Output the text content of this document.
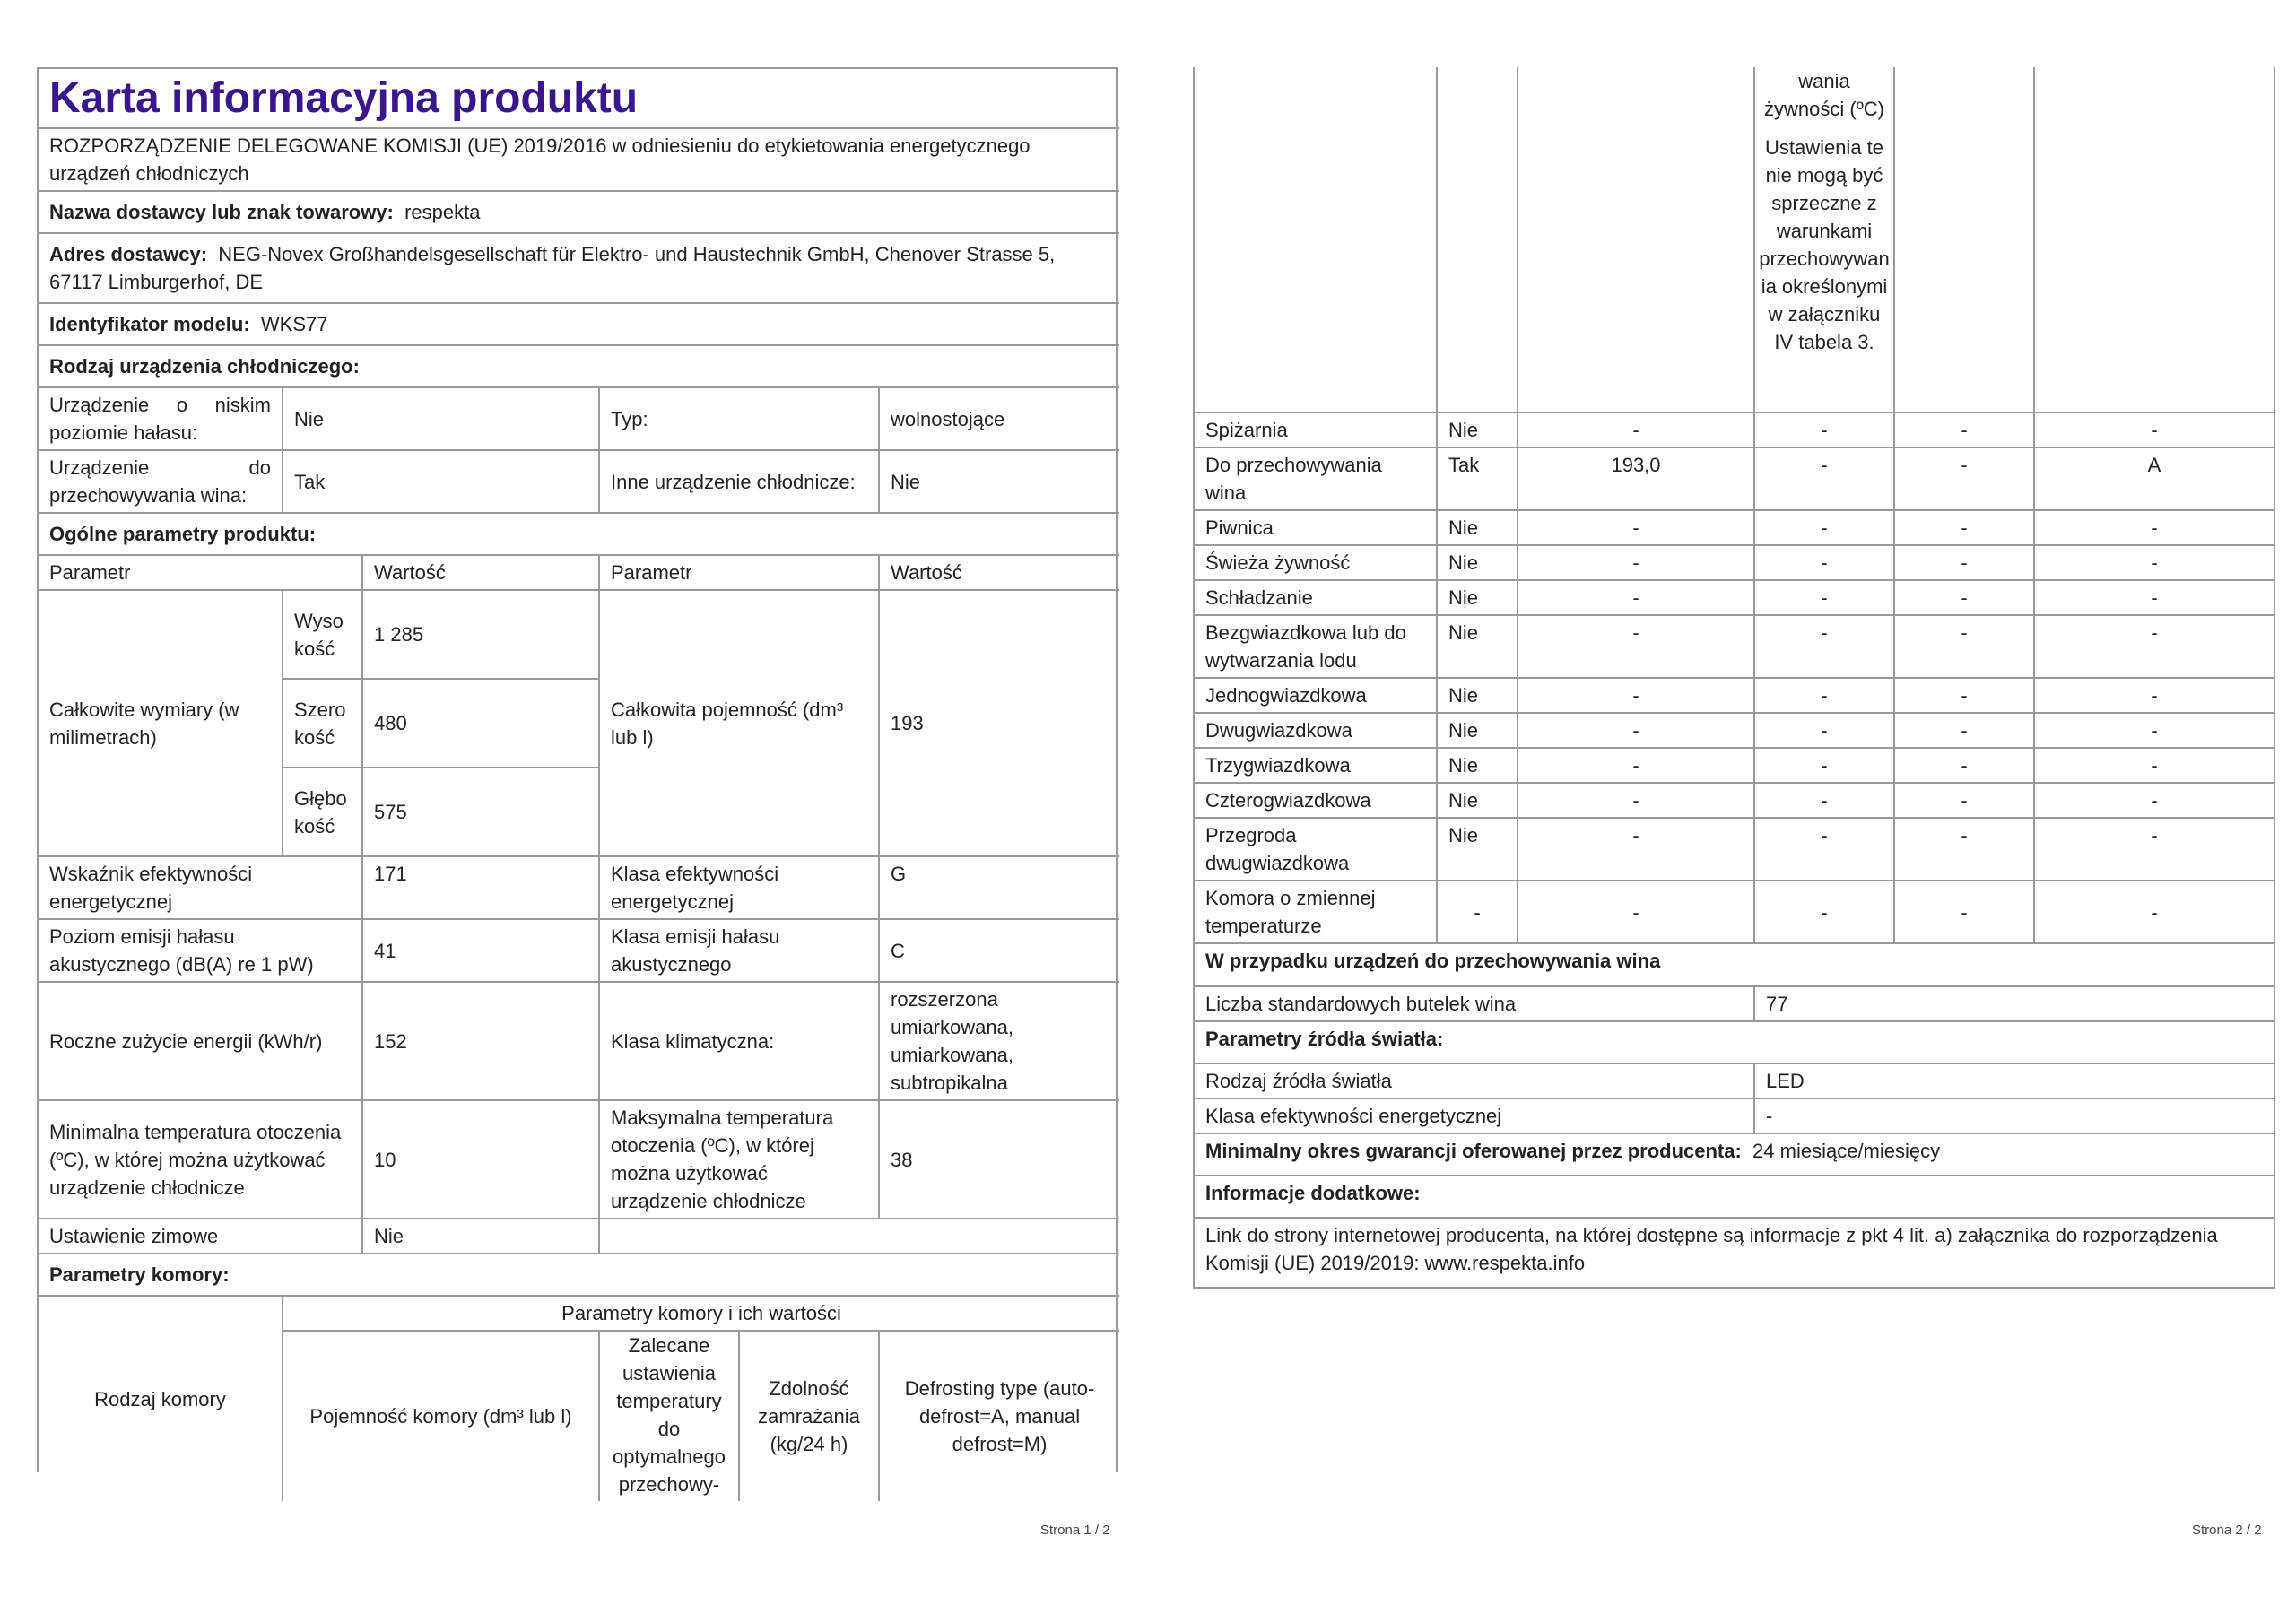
Karta informacyjna produktu					
ROZPORZĄDZENIE DELEGOWANE KOMISJI (UE) 2019/2016 w odniesieniu do etykietowania energetycznego urządzeń chłodniczych					
Nazwa dostawcy lub znak towarowy: respekta					
Adres dostawcy: NEG-Novex Großhandelsgesellschaft für Elektro- und Haustechnik GmbH, Chenover Strasse 5, 67117 Limburgerhof, DE					
Identyfikator modelu: WKS77					
Rodzaj urządzenia chłodniczego:					
Urządzenie o niskim poziomie hałasu:	Nie		Typ:		wolnostojące
Urządzenie do przechowywania wina:	Tak		Inne urządzenie chłodnicze:		Nie
Ogólne parametry produktu:					
Parametr		Wartość	Parametr		Wartość
Całkowite wymiary (w milimetrach)	Wysokość	1 285	Całkowita pojemność (dm³ lub l)		193
	Szerokość	480			
	Głębokość	575			
Wskaźnik efektywności energetycznej		171	Klasa efektywności energetycznej		G
Poziom emisji hałasu akustycznego (dB(A) re 1 pW)		41	Klasa emisji hałasu akustycznego		C
Roczne zużycie energii (kWh/r)		152	Klasa klimatyczna:		rozszerzona umiarkowana, umiarkowana, subtropikalna
Minimalna temperatura otoczenia (ºC), w której można użytkować urządzenie chłodnicze		10	Maksymalna temperatura otoczenia (ºC), w której można użytkować urządzenie chłodnicze		38
Ustawienie zimowe		Nie			
Parametry komory:					
Rodzaj komory	Parametry komory i ich wartości				
	Pojemność komory (dm³ lub l)		Zalecane ustawienia temperatury do optymalnego przechowy-	Zdolność zamrażania (kg/24 h)	Defrosting type (auto-defrost=A, manual defrost=M)
Strona 1 / 2

wania żywności (ºC)
Ustawienia te nie mogą być sprzeczne z warunkami przechowywania określonymi w załączniku IV tabela 3.

Spiżarnia	Nie	-	-	-	-
Do przechowywania wina	Tak	193,0	-	-	A
Piwnica	Nie	-	-	-	-
Świeża żywność	Nie	-	-	-	-
Schładzanie	Nie	-	-	-	-
Bezgwiazdkowa lub do wytwarzania lodu	Nie	-	-	-	-
Jednogwiazdkowa	Nie	-	-	-	-
Dwugwiazdkowa	Nie	-	-	-	-
Trzygwiazdkowa	Nie	-	-	-	-
Czterogwiazdkowa	Nie	-	-	-	-
Przegroda dwugwiazdkowa	Nie	-	-	-	-
Komora o zmiennej temperaturze	-	-	-	-	-
W przypadku urządzeń do przechowywania wina	
Liczba standardowych butelek wina	77
Parametry źródła światła:	
Rodzaj źródła światła	LED
Klasa efektywności energetycznej	-
Minimalny okres gwarancji oferowanej przez producenta: 24 miesiące/miesięcy	
Informacje dodatkowe:	
Link do strony internetowej producenta, na której dostępne są informacje z pkt 4 lit. a) załącznika do rozporządzenia Komisji (UE) 2019/2019: www.respekta.info	
Strona 2 / 2
